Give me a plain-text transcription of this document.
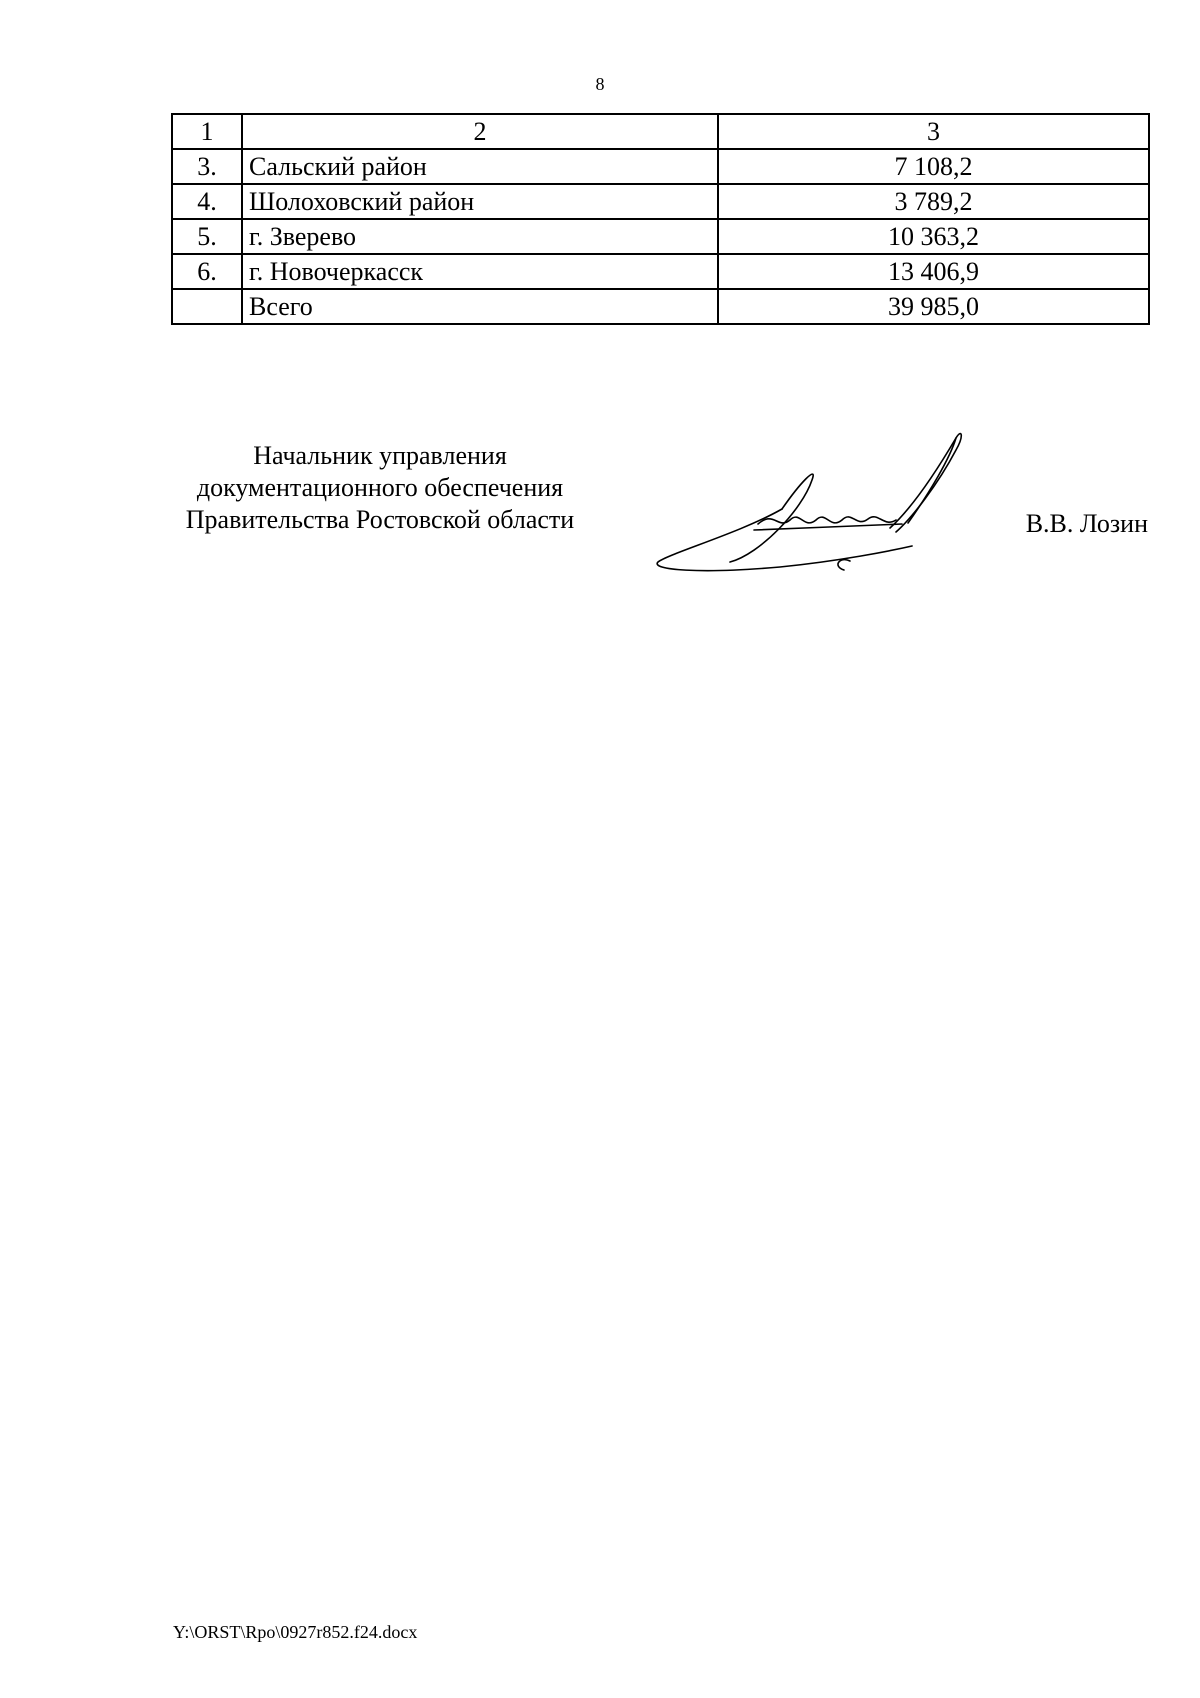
8
1	2	3
3.	Сальский район	7 108,2
4.	Шолоховский район	3 789,2
5.	г. Зверево	10 363,2
6.	г. Новочеркасск	13 406,9
	Всего	39 985,0
Начальник управления
документационного обеспечения
Правительства Ростовской области	В.В. Лозин
Y:\ORST\Rpo\0927r852.f24.docx
